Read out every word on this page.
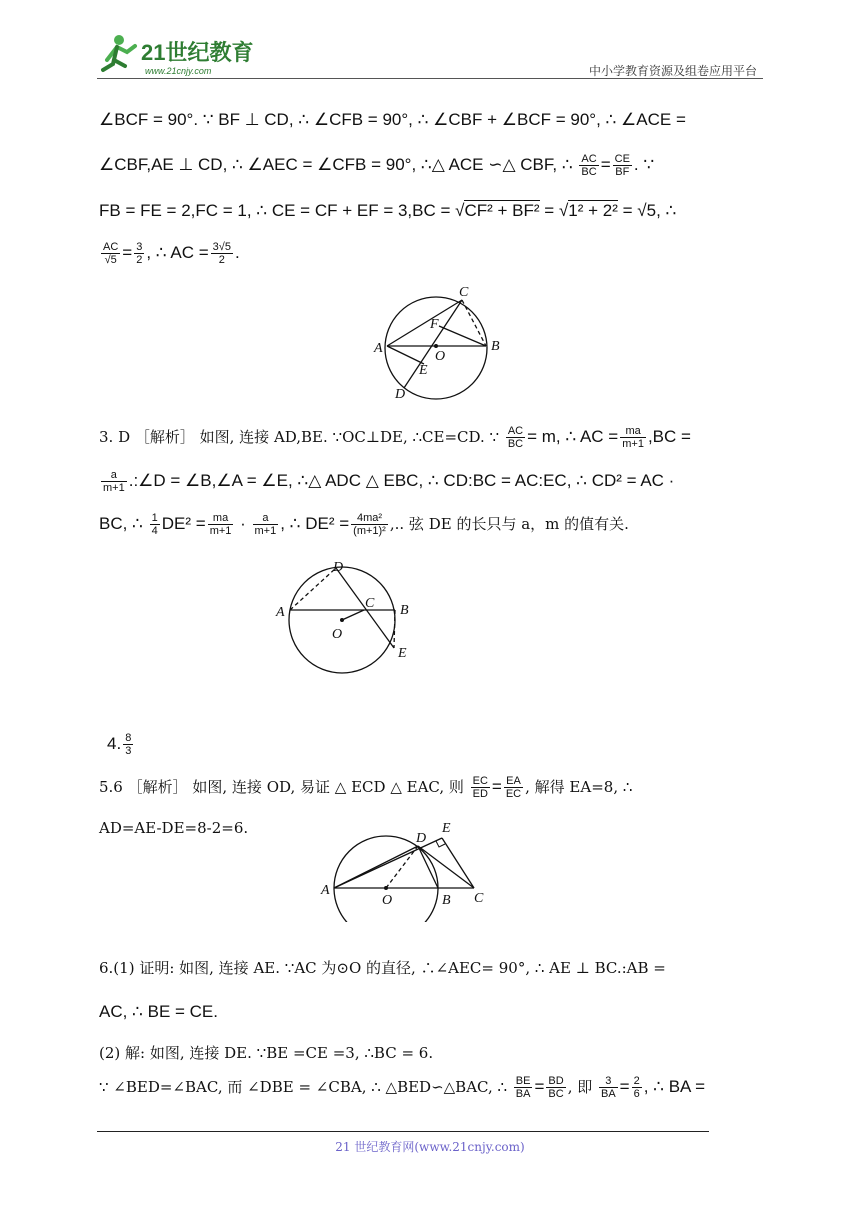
21世纪教育
www.21cnjy.com	中小学教育资源及组卷应用平台
∠BCF = 90°. ∵ BF ⊥ CD, ∴ ∠CFB = 90°, ∴ ∠CBF + ∠BCF = 90°, ∴ ∠ACE =
∠CBF,AE ⊥ CD, ∴ ∠AEC = ∠CFB = 90°, ∴△ ACE ∽△ CBF, ∴ $\frac{AC}{BC} = \frac{CE}{BF}$ . ∵
FB = FE = 2,FC = 1, ∴ CE = CF + EF = 3,BC = √CF² + BF² = √1² + 2² = √5, ∴
$\frac{AC}{√5} = \frac{3}{2}$ , ∴ AC = $\frac{3√5}{2}$ .
C
F
A
O
B
E
D
3. D ［解析］ 如图, 连接 AD,BE. ∵OC⊥DE, ∴CE=CD. ∵ $\frac{AC}{BC} = m$, ∴ AC = $\frac{ma}{m+1} ,BC$ =
$\frac{a}{m+1}$ .:∠D = ∠B,∠A = ∠E, ∴△ ADC △ EBC, ∴ CD:BC = AC:EC, ∴ CD² = AC ·
BC, ∴ $\frac{1}{4} DE^2 = \frac{ma}{m+1} \cdot \frac{a}{m+1}$ , ∴ $DE^2 = \frac{\text{4ma²}}{\text{(m+1)²}}$ ,.. 弦 DE 的长只与 a，m 的值有关.
D
A
C B
O
E
4. $\frac{8}{3}$
5.6 ［解析］ 如图, 连接 OD, 易证 △ ECD △ EAC, 则 $\frac{EC}{ED} = \frac{EA}{EC}$ , 解得 EA=8, ∴
AD=AE-DE=8-2=6.
D
E
A
O	B C
6.(1) 证明: 如图, 连接 AE. ∵AC 为⊙O 的直径, ∴∠AEC= 90°, ∴ AE ⊥ BC.:AB =
AC, ∴ BE = CE.
(2) 解: 如图, 连接 DE. ∵BE =CE =3, ∴BC = 6.
∵ ∠BED=∠BAC, 而 ∠DBE = ∠CBA, ∴ △BED∽△BAC, ∴ $\frac{BE}{BA} = \frac{BD}{BC}$ , 即 $\frac{3}{BA} = \frac{2}{6}$ , ∴ BA =
21 世纪教育网(www.21cnjy.com)
